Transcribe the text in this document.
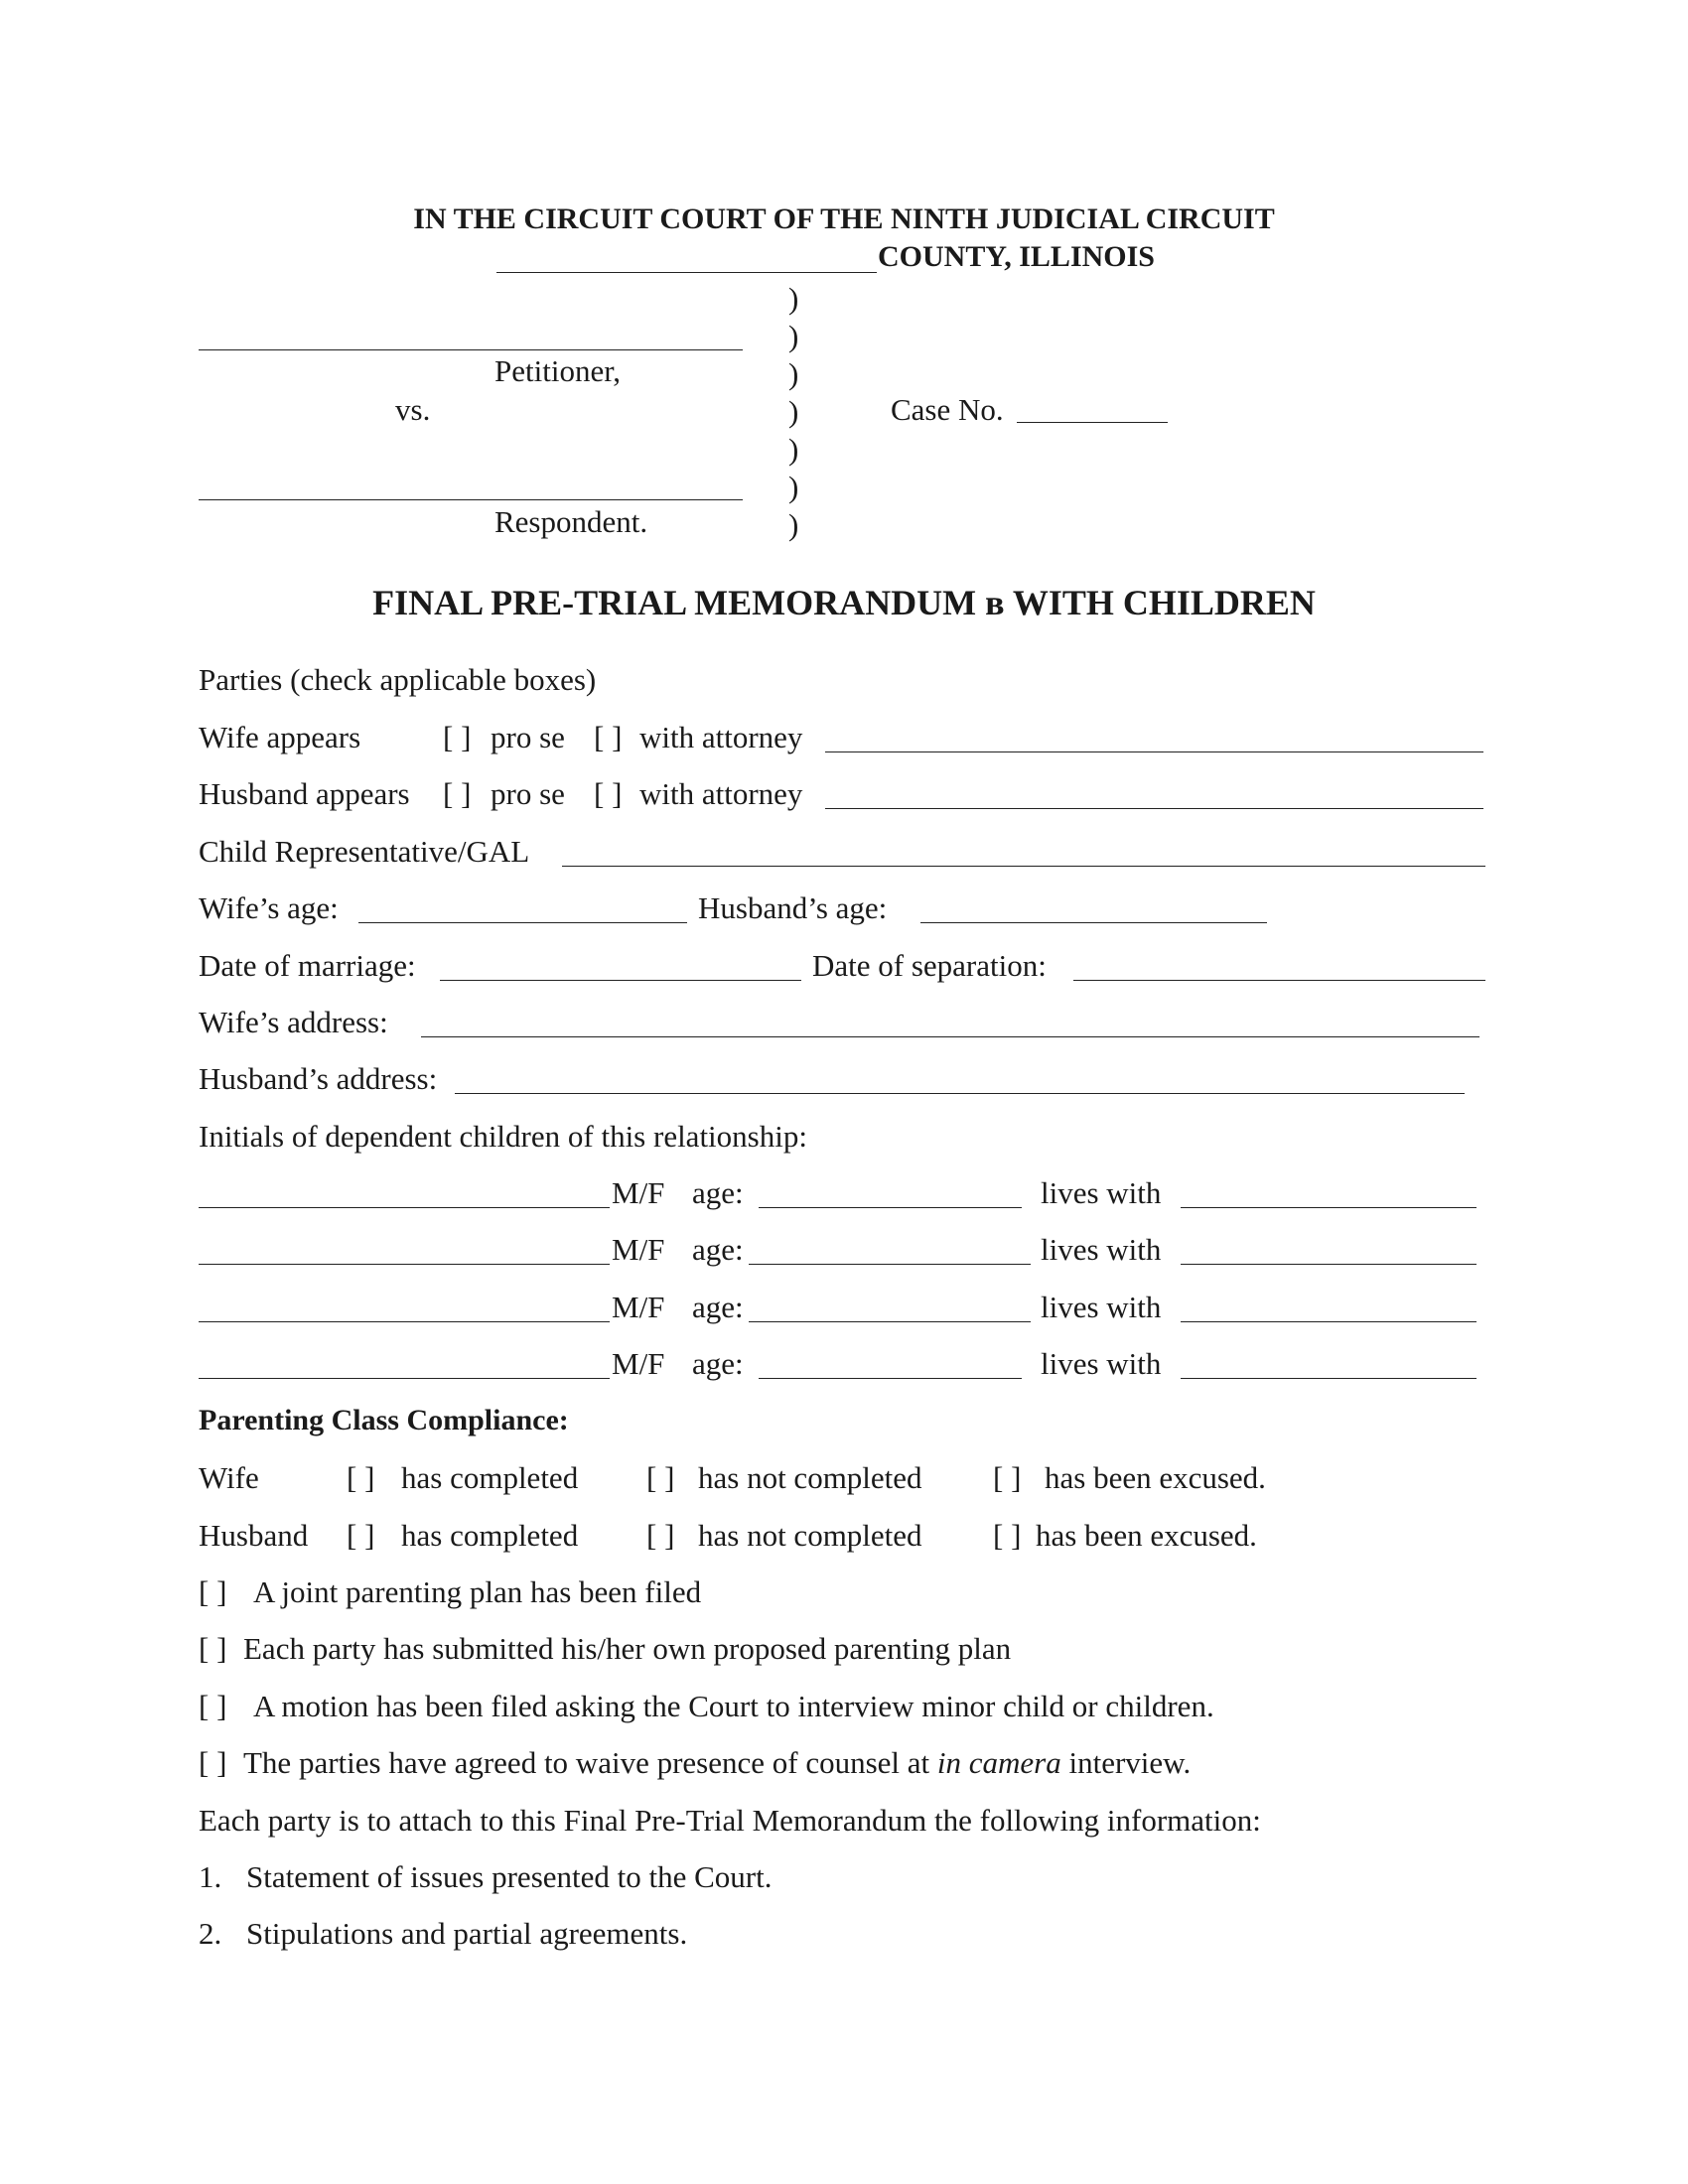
IN THE CIRCUIT COURT OF THE NINTH JUDICIAL CIRCUIT
COUNTY, ILLINOIS
Petitioner,
vs.
Respondent.
)
)
)
)
)
)
)
Case No.
FINAL PRE-TRIAL MEMORANDUM ʙ WITH CHILDREN
Parties (check applicable boxes)
Wife appears	[ ] pro se [ ] with attorney
Husband appears [ ] pro se [ ] with attorney
Child Representative/GAL
Wife’s age:	Husband’s age:
Date of marriage:	Date of separation:
Wife’s address:
Husband’s address:
Initials of dependent children of this relationship:
M/F age:	lives with
M/F age:	lives with
M/F age:	lives with
M/F age:	lives with
Parenting Class Compliance:
Wife	[ ] has completed [ ] has not completed [ ] has been excused.
Husband [ ] has completed [ ] has not completed [ ] has been excused.
[ ] A joint parenting plan has been filed
[ ] Each party has submitted his/her own proposed parenting plan
[ ] A motion has been filed asking the Court to interview minor child or children.
[ ] The parties have agreed to waive presence of counsel at in camera interview.
Each party is to attach to this Final Pre-Trial Memorandum the following information:
1. Statement of issues presented to the Court.
2. Stipulations and partial agreements.
